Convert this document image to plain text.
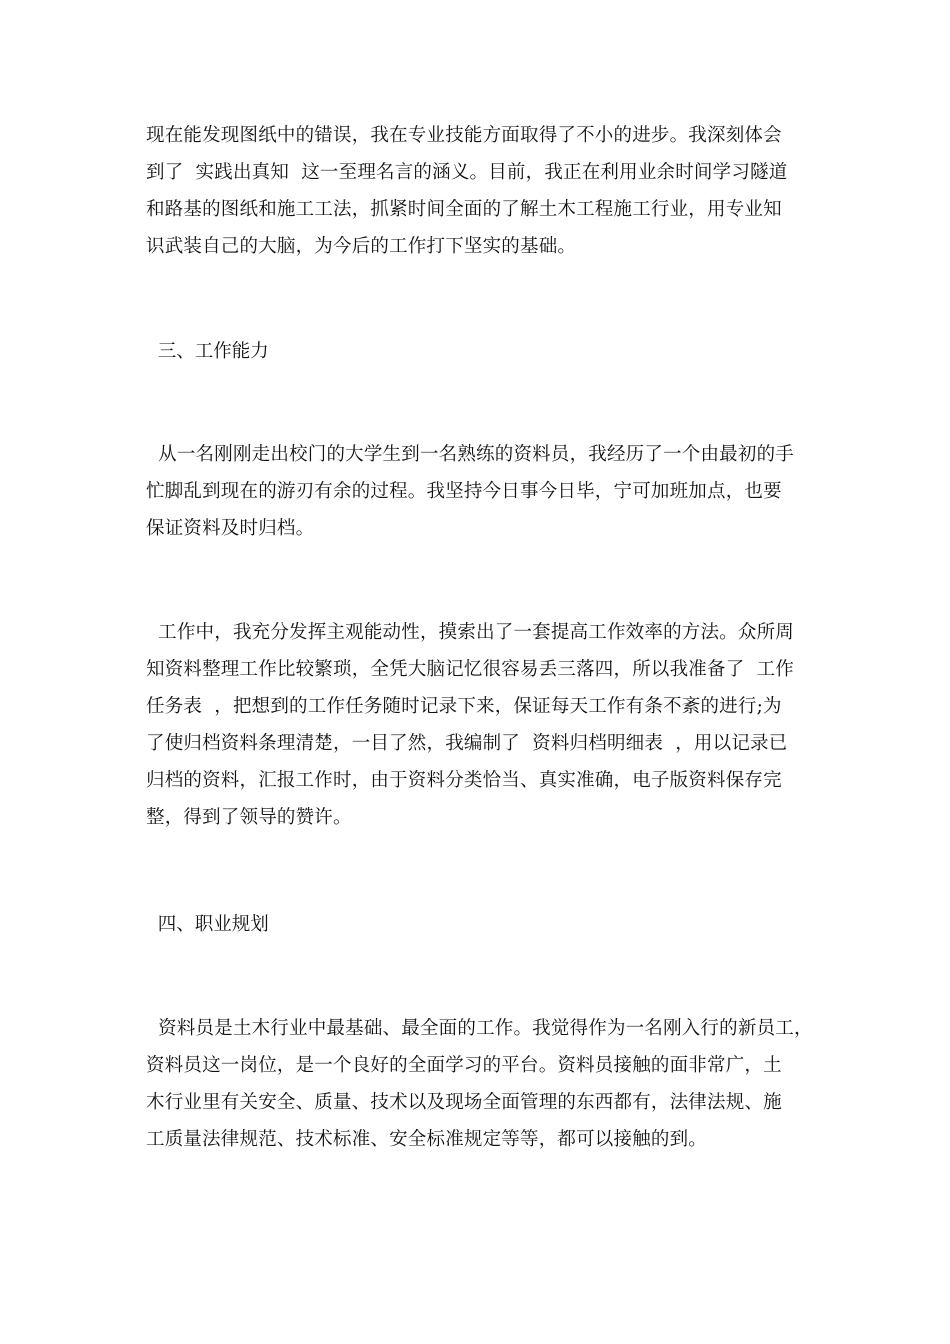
现在能发现图纸中的错误，我在专业技能方面取得了不小的进步。我深刻体会
到了  实践出真知  这一至理名言的涵义。目前，我正在利用业余时间学习隧道
和路基的图纸和施工工法，抓紧时间全面的了解土木工程施工行业，用专业知
识武装自己的大脑，为今后的工作打下坚实的基础。
三、工作能力
从一名刚刚走出校门的大学生到一名熟练的资料员，我经历了一个由最初的手
忙脚乱到现在的游刃有余的过程。我坚持今日事今日毕，宁可加班加点，也要
保证资料及时归档。
工作中，我充分发挥主观能动性，摸索出了一套提高工作效率的方法。众所周
知资料整理工作比较繁琐，全凭大脑记忆很容易丢三落四，所以我准备了  工作
任务表  ，把想到的工作任务随时记录下来，保证每天工作有条不紊的进行;为
了使归档资料条理清楚，一目了然，我编制了  资料归档明细表  ，用以记录已
归档的资料，汇报工作时，由于资料分类恰当、真实准确，电子版资料保存完
整，得到了领导的赞许。
四、职业规划
资料员是土木行业中最基础、最全面的工作。我觉得作为一名刚入行的新员工，
资料员这一岗位，是一个良好的全面学习的平台。资料员接触的面非常广，土
木行业里有关安全、质量、技术以及现场全面管理的东西都有，法律法规、施
工质量法律规范、技术标准、安全标准规定等等，都可以接触的到。
